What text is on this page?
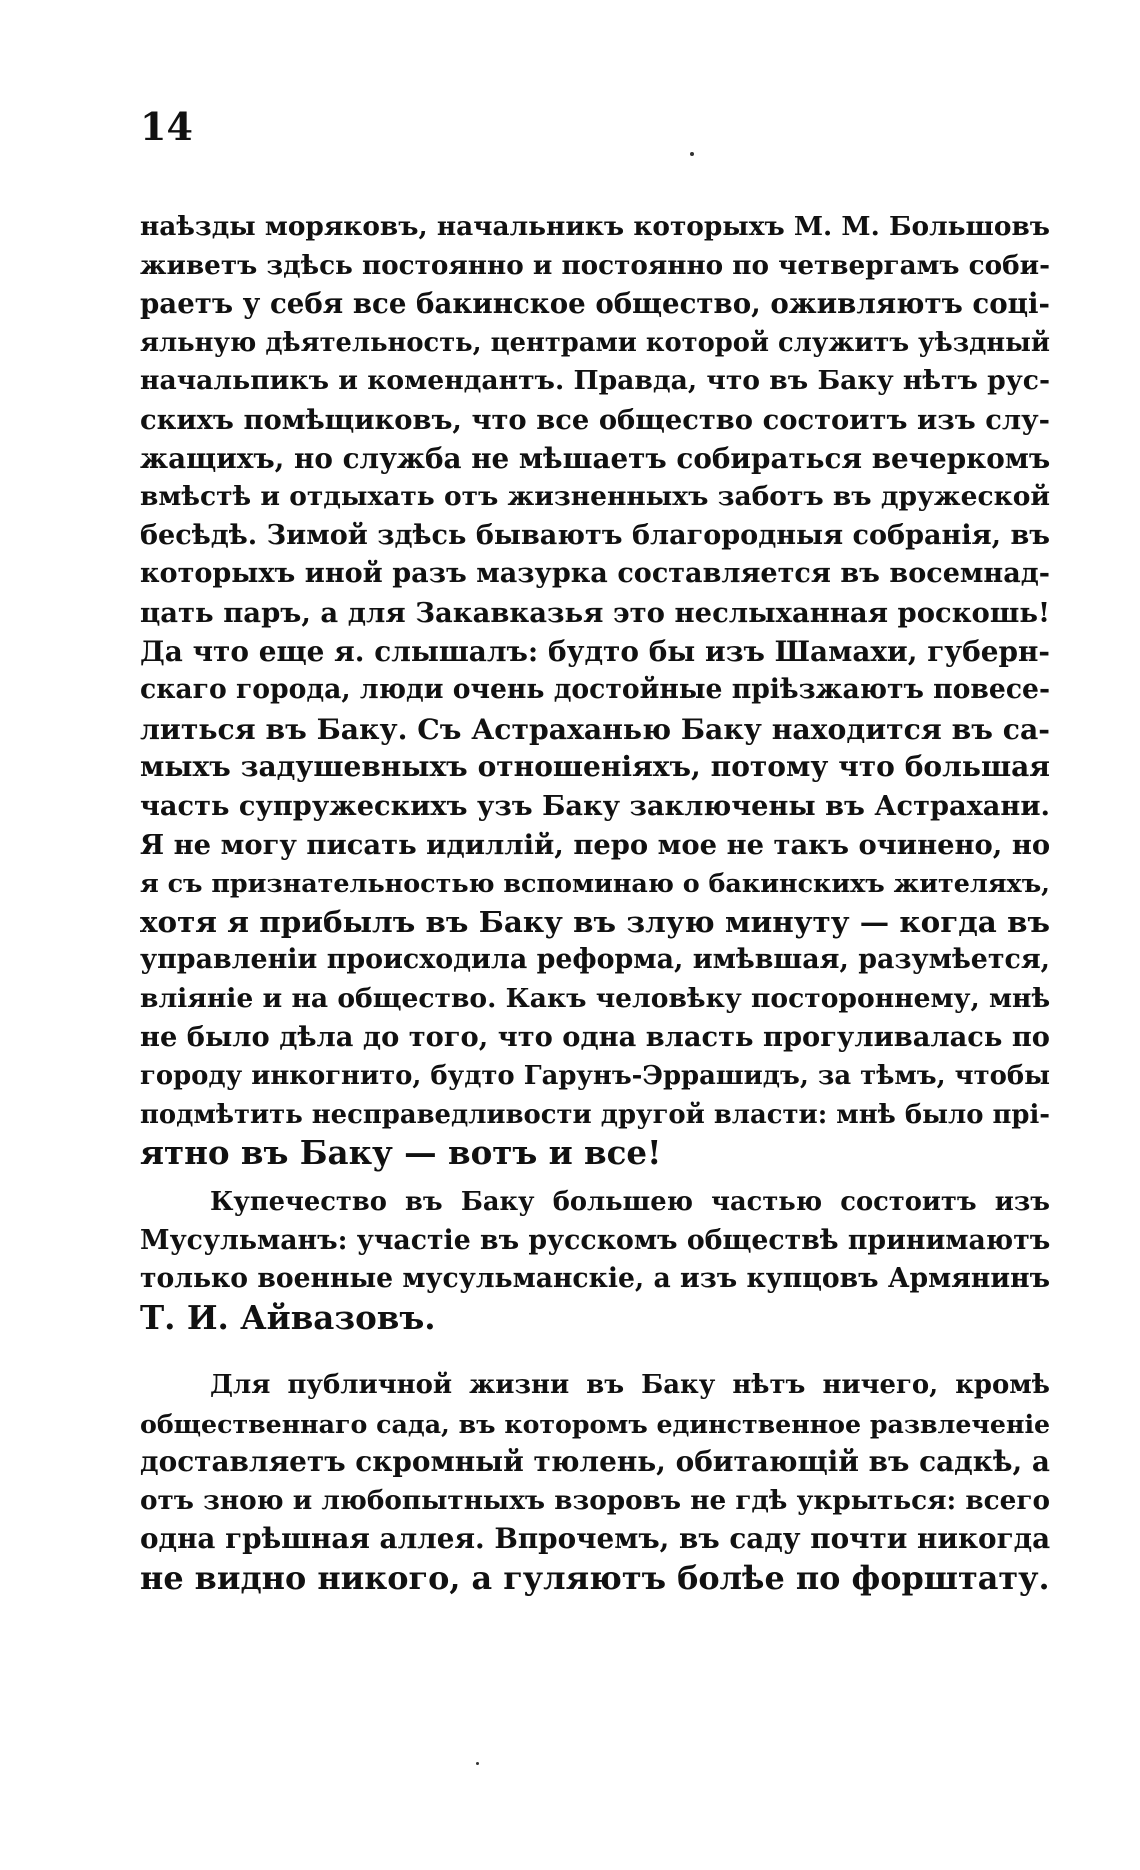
14
наѣзды моряковъ, начальникъ которыхъ М. М. Большовъ
живетъ здѣсь постоянно и постоянно по четвергамъ соби-
раетъ у себя все бакинское общество, оживляютъ соці-
яльную дѣятельность, центрами которой служитъ уѣздный
начальпикъ и комендантъ. Правда, что въ Баку нѣтъ рус-
скихъ помѣщиковъ, что все общество состоитъ изъ слу-
жащихъ, но служба не мѣшаетъ собираться вечеркомъ
вмѣстѣ и отдыхать отъ жизненныхъ заботъ въ дружеской
бесѣдѣ. Зимой здѣсь бываютъ благородныя собранія, въ
которыхъ иной разъ мазурка составляется въ восемнад-
цать паръ, а для Закавказья это неслыханная роскошь!
Да что еще я. слышалъ: будто бы изъ Шамахи, губерн-
скаго города, люди очень достойные пріѣзжаютъ повесе-
литься въ Баку. Съ Астраханью Баку находится въ са-
мыхъ задушевныхъ отношеніяхъ, потому что большая
часть супружескихъ узъ Баку заключены въ Астрахани.
Я не могу писать идиллій, перо мое не такъ очинено, но
я съ признательностью вспоминаю о бакинскихъ жителяхъ,
хотя я прибылъ въ Баку въ злую минуту — когда въ
управленіи происходила реформа, имѣвшая, разумѣется,
вліяніе и на общество. Какъ человѣку постороннему, мнѣ
не было дѣла до того, что одна власть прогуливалась по
городу инкогнито, будто Гарунъ-Эррашидъ, за тѣмъ, чтобы
подмѣтить несправедливости другой власти: мнѣ было прі-
ятно въ Баку — вотъ и все!
Купечество въ Баку большею частью состоитъ изъ
Мусульманъ: участіе въ русскомъ обществѣ принимаютъ
только военные мусульманскіе, а изъ купцовъ Армянинъ
Т. И. Айвазовъ.
Для публичной жизни въ Баку нѣтъ ничего, кромѣ
общественнаго сада, въ которомъ единственное развлеченіе
доставляетъ скромный тюлень, обитающій въ садкѣ, а
отъ зною и любопытныхъ взоровъ не гдѣ укрыться: всего
одна грѣшная аллея. Впрочемъ, въ саду почти никогда
не видно никого, а гуляютъ болѣе по форштату.
